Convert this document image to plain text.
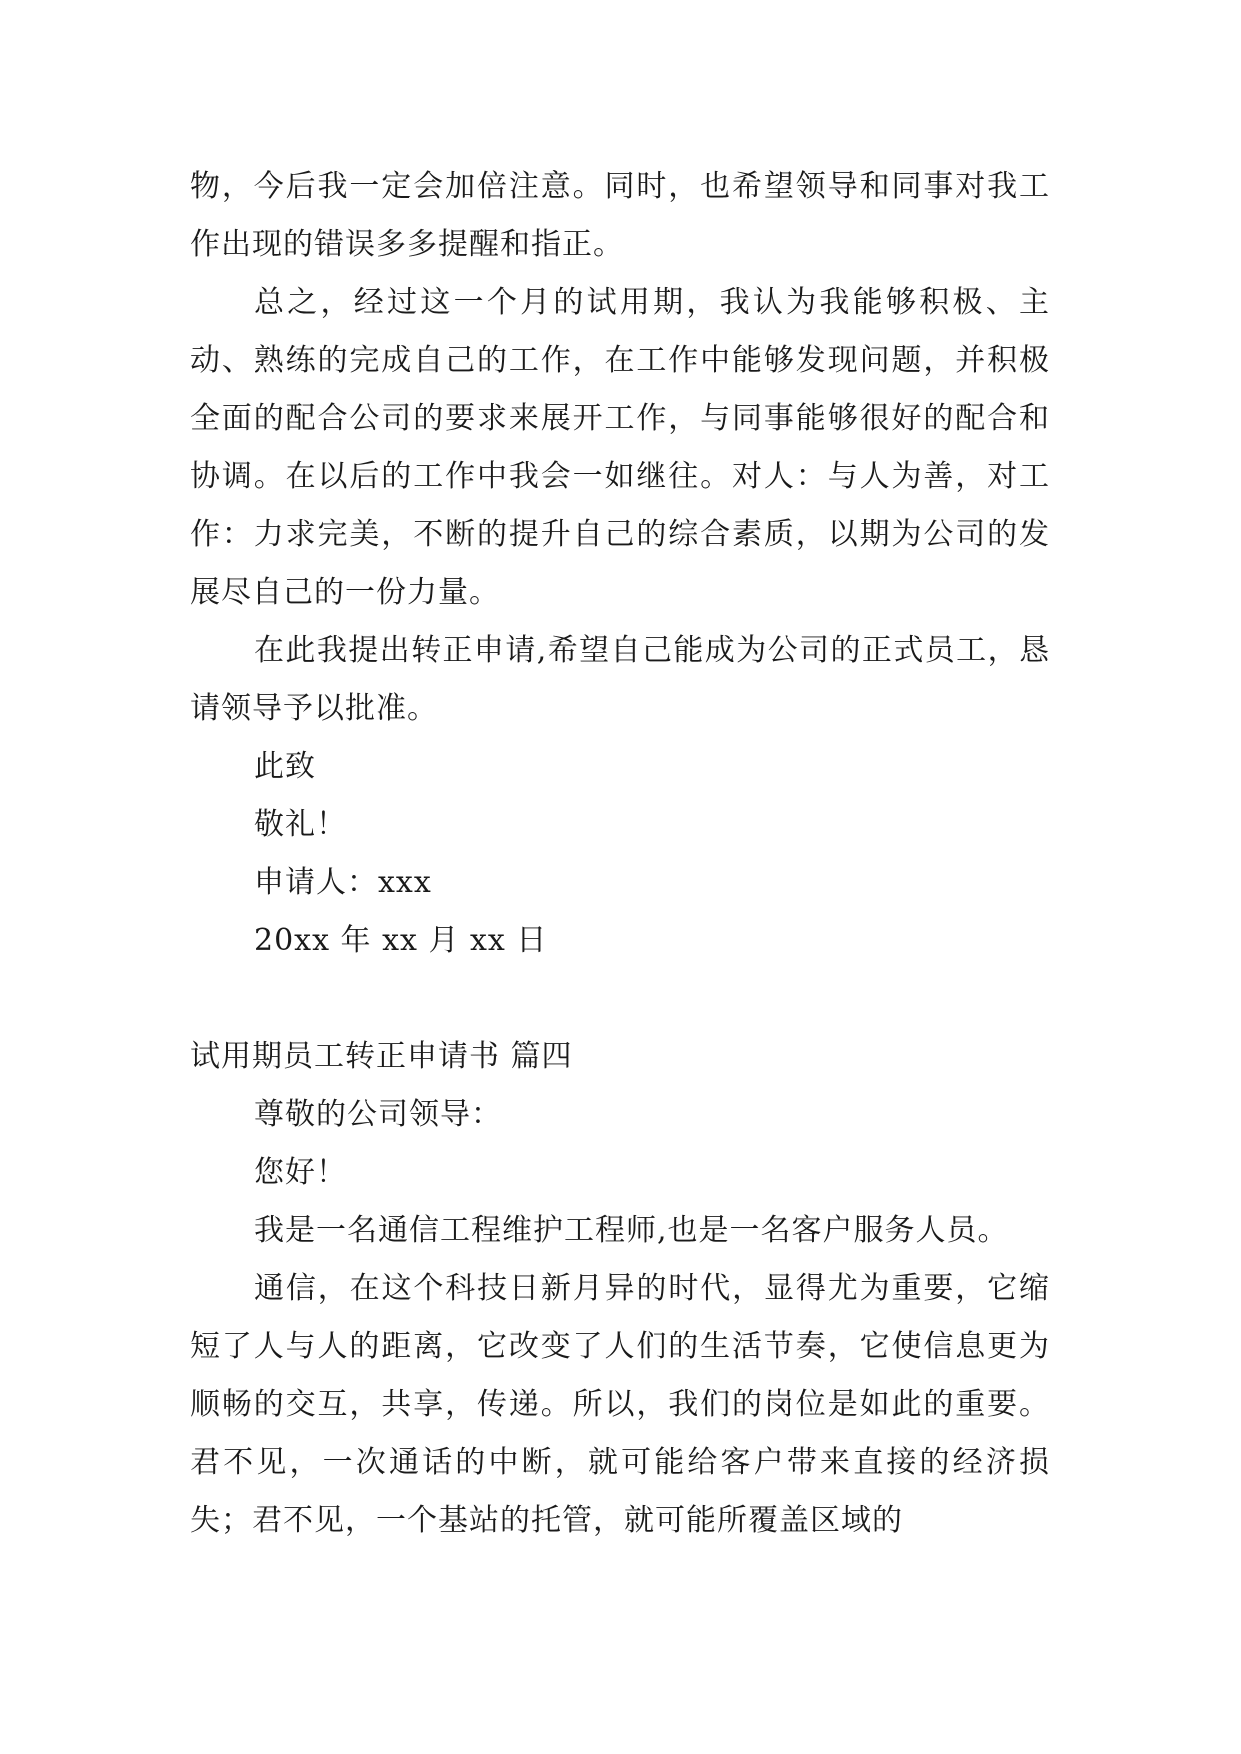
物，今后我一定会加倍注意。同时，也希望领导和同事对我工作出现的错误多多提醒和指正。

总之，经过这一个月的试用期，我认为我能够积极、主动、熟练的完成自己的工作，在工作中能够发现问题，并积极全面的配合公司的要求来展开工作，与同事能够很好的配合和协调。在以后的工作中我会一如继往。对人：与人为善，对工作：力求完美，不断的提升自己的综合素质，以期为公司的发展尽自己的一份力量。

在此我提出转正申请,希望自己能成为公司的正式员工，恳请领导予以批准。

此致

敬礼！

申请人：xxx

20xx 年 xx 月 xx 日

试用期员工转正申请书 篇四

尊敬的公司领导：

您好！

我是一名通信工程维护工程师,也是一名客户服务人员。

通信，在这个科技日新月异的时代，显得尤为重要，它缩短了人与人的距离，它改变了人们的生活节奏，它使信息更为顺畅的交互，共享，传递。所以，我们的岗位是如此的重要。君不见，一次通话的中断，就可能给客户带来直接的经济损失；君不见，一个基站的托管，就可能所覆盖区域的
